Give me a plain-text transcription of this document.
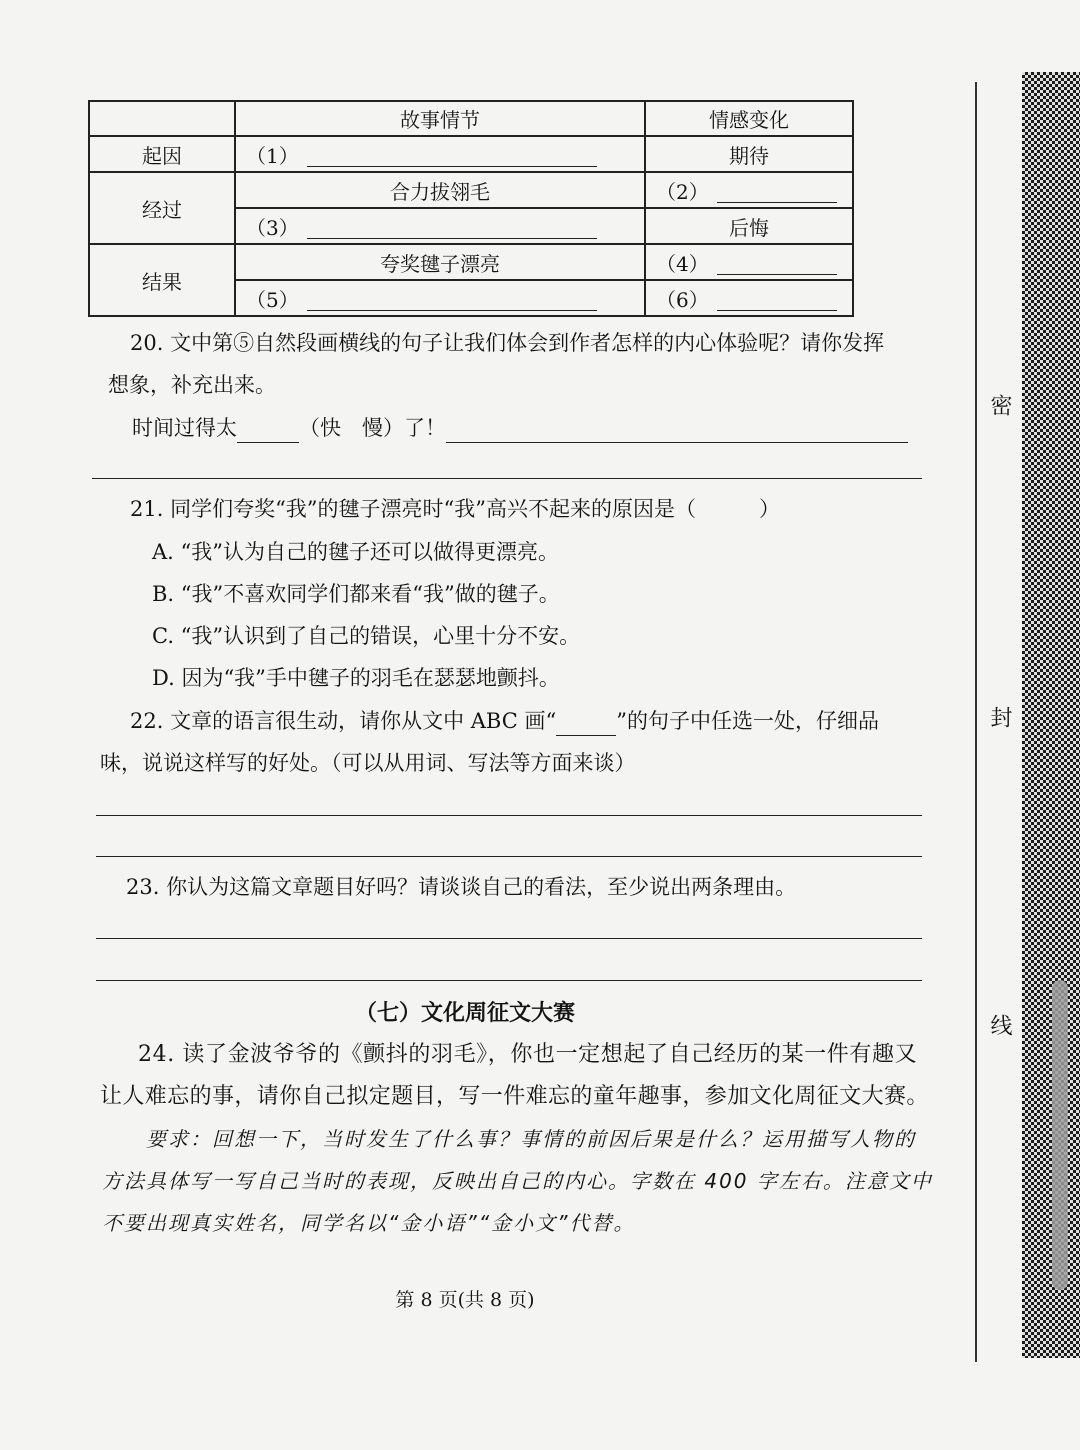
	故事情节	情感变化
起因	（1）	期待
经过	合力拔翎毛	（2）
	（3）	后悔
结果	夸奖毽子漂亮	（4）
	（5）	（6）
20. 文中第⑤自然段画横线的句子让我们体会到作者怎样的内心体验呢？请你发挥
想象，补充出来。
时间过得太	（快　慢）了！
21. 同学们夸奖“我”的毽子漂亮时“我”高兴不起来的原因是（　　　）
A. “我”认为自己的毽子还可以做得更漂亮。
B. “我”不喜欢同学们都来看“我”做的毽子。
C. “我”认识到了自己的错误，心里十分不安。
D. 因为“我”手中毽子的羽毛在瑟瑟地颤抖。
22. 文章的语言很生动，请你从文中 ABC 画“	”的句子中任选一处，仔细品
味，说说这样写的好处。（可以从用词、写法等方面来谈）
23. 你认为这篇文章题目好吗？请谈谈自己的看法，至少说出两条理由。
（七）文化周征文大赛
24. 读了金波爷爷的《颤抖的羽毛》，你也一定想起了自己经历的某一件有趣又
让人难忘的事，请你自己拟定题目，写一件难忘的童年趣事，参加文化周征文大赛。
要求：回想一下，当时发生了什么事？事情的前因后果是什么？运用描写人物的
方法具体写一写自己当时的表现，反映出自己的内心。字数在 400 字左右。注意文中
不要出现真实姓名，同学名以“金小语”“金小文”代替。
第 8 页(共 8 页)
密
封
线
